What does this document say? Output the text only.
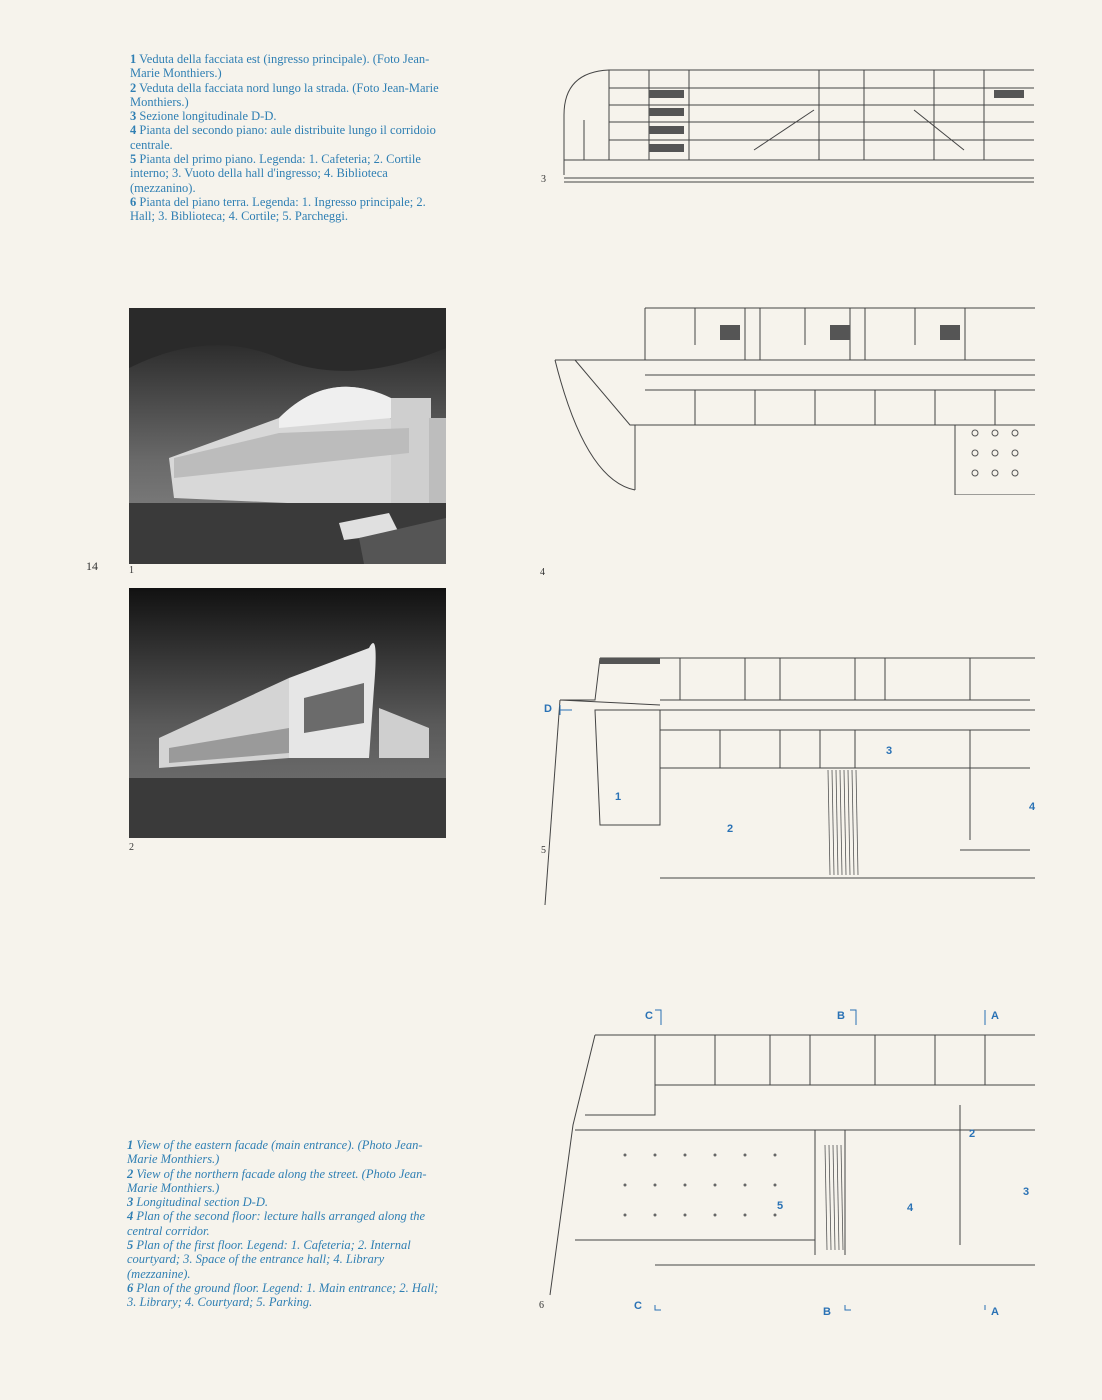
1 Veduta della facciata est (ingresso principale). (Foto Jean-Marie Monthiers.)
2 Veduta della facciata nord lungo la strada. (Foto Jean-Marie Monthiers.)
3 Sezione longitudinale D-D.
4 Pianta del secondo piano: aule distribuite lungo il corridoio centrale.
5 Pianta del primo piano. Legenda: 1. Cafeteria; 2. Cortile interno; 3. Vuoto della hall d'ingresso; 4. Biblioteca (mezzanino).
6 Pianta del piano terra. Legenda: 1. Ingresso principale; 2. Hall; 3. Biblioteca; 4. Cortile; 5. Parcheggi.

1 View of the eastern facade (main entrance). (Photo Jean-Marie Monthiers.)
2 View of the northern facade along the street. (Photo Jean-Marie Monthiers.)
3 Longitudinal section D-D.
4 Plan of the second floor: lecture halls arranged along the central corridor.
5 Plan of the first floor. Legend: 1. Cafeteria; 2. Internal courtyard; 3. Space of the entrance hall; 4. Library (mezzanine).
6 Plan of the ground floor. Legend: 1. Main entrance; 2. Hall; 3. Library; 4. Courtyard; 5. Parking.

14	1
2
3
4
D
1
2
3
4
5
C	B	A
C	B	A
2
3
4
5
6
